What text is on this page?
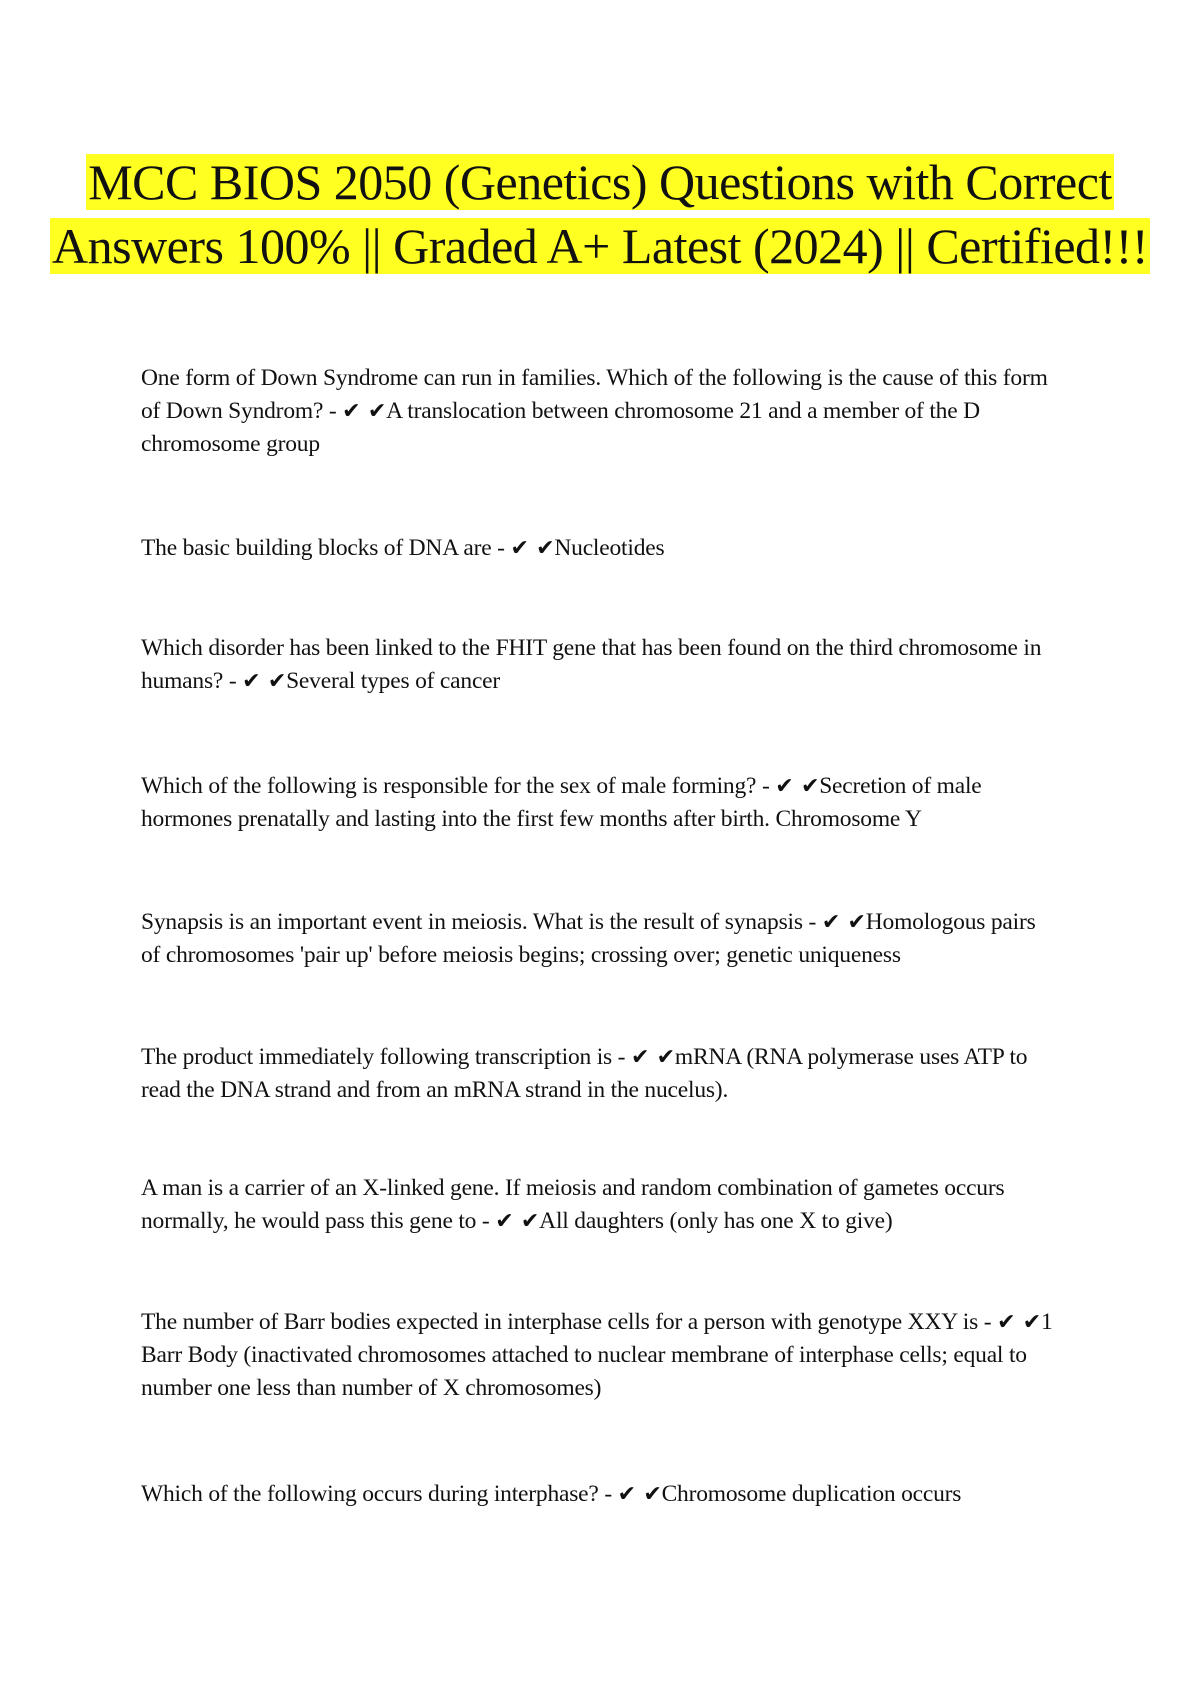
MCC BIOS 2050 (Genetics) Questions with Correct Answers 100% || Graded A+ Latest (2024) || Certified!!!
One form of Down Syndrome can run in families. Which of the following is the cause of this form of Down Syndrom? - ✔ ✔A translocation between chromosome 21 and a member of the D chromosome group
The basic building blocks of DNA are - ✔ ✔Nucleotides
Which disorder has been linked to the FHIT gene that has been found on the third chromosome in humans? - ✔ ✔Several types of cancer
Which of the following is responsible for the sex of male forming? - ✔ ✔Secretion of male hormones prenatally and lasting into the first few months after birth. Chromosome Y
Synapsis is an important event in meiosis. What is the result of synapsis - ✔ ✔Homologous pairs of chromosomes 'pair up' before meiosis begins; crossing over; genetic uniqueness
The product immediately following transcription is - ✔ ✔mRNA (RNA polymerase uses ATP to read the DNA strand and from an mRNA strand in the nucelus).
A man is a carrier of an X-linked gene. If meiosis and random combination of gametes occurs normally, he would pass this gene to - ✔ ✔All daughters (only has one X to give)
The number of Barr bodies expected in interphase cells for a person with genotype XXY is - ✔ ✔1 Barr Body (inactivated chromosomes attached to nuclear membrane of interphase cells; equal to number one less than number of X chromosomes)
Which of the following occurs during interphase? - ✔ ✔Chromosome duplication occurs
